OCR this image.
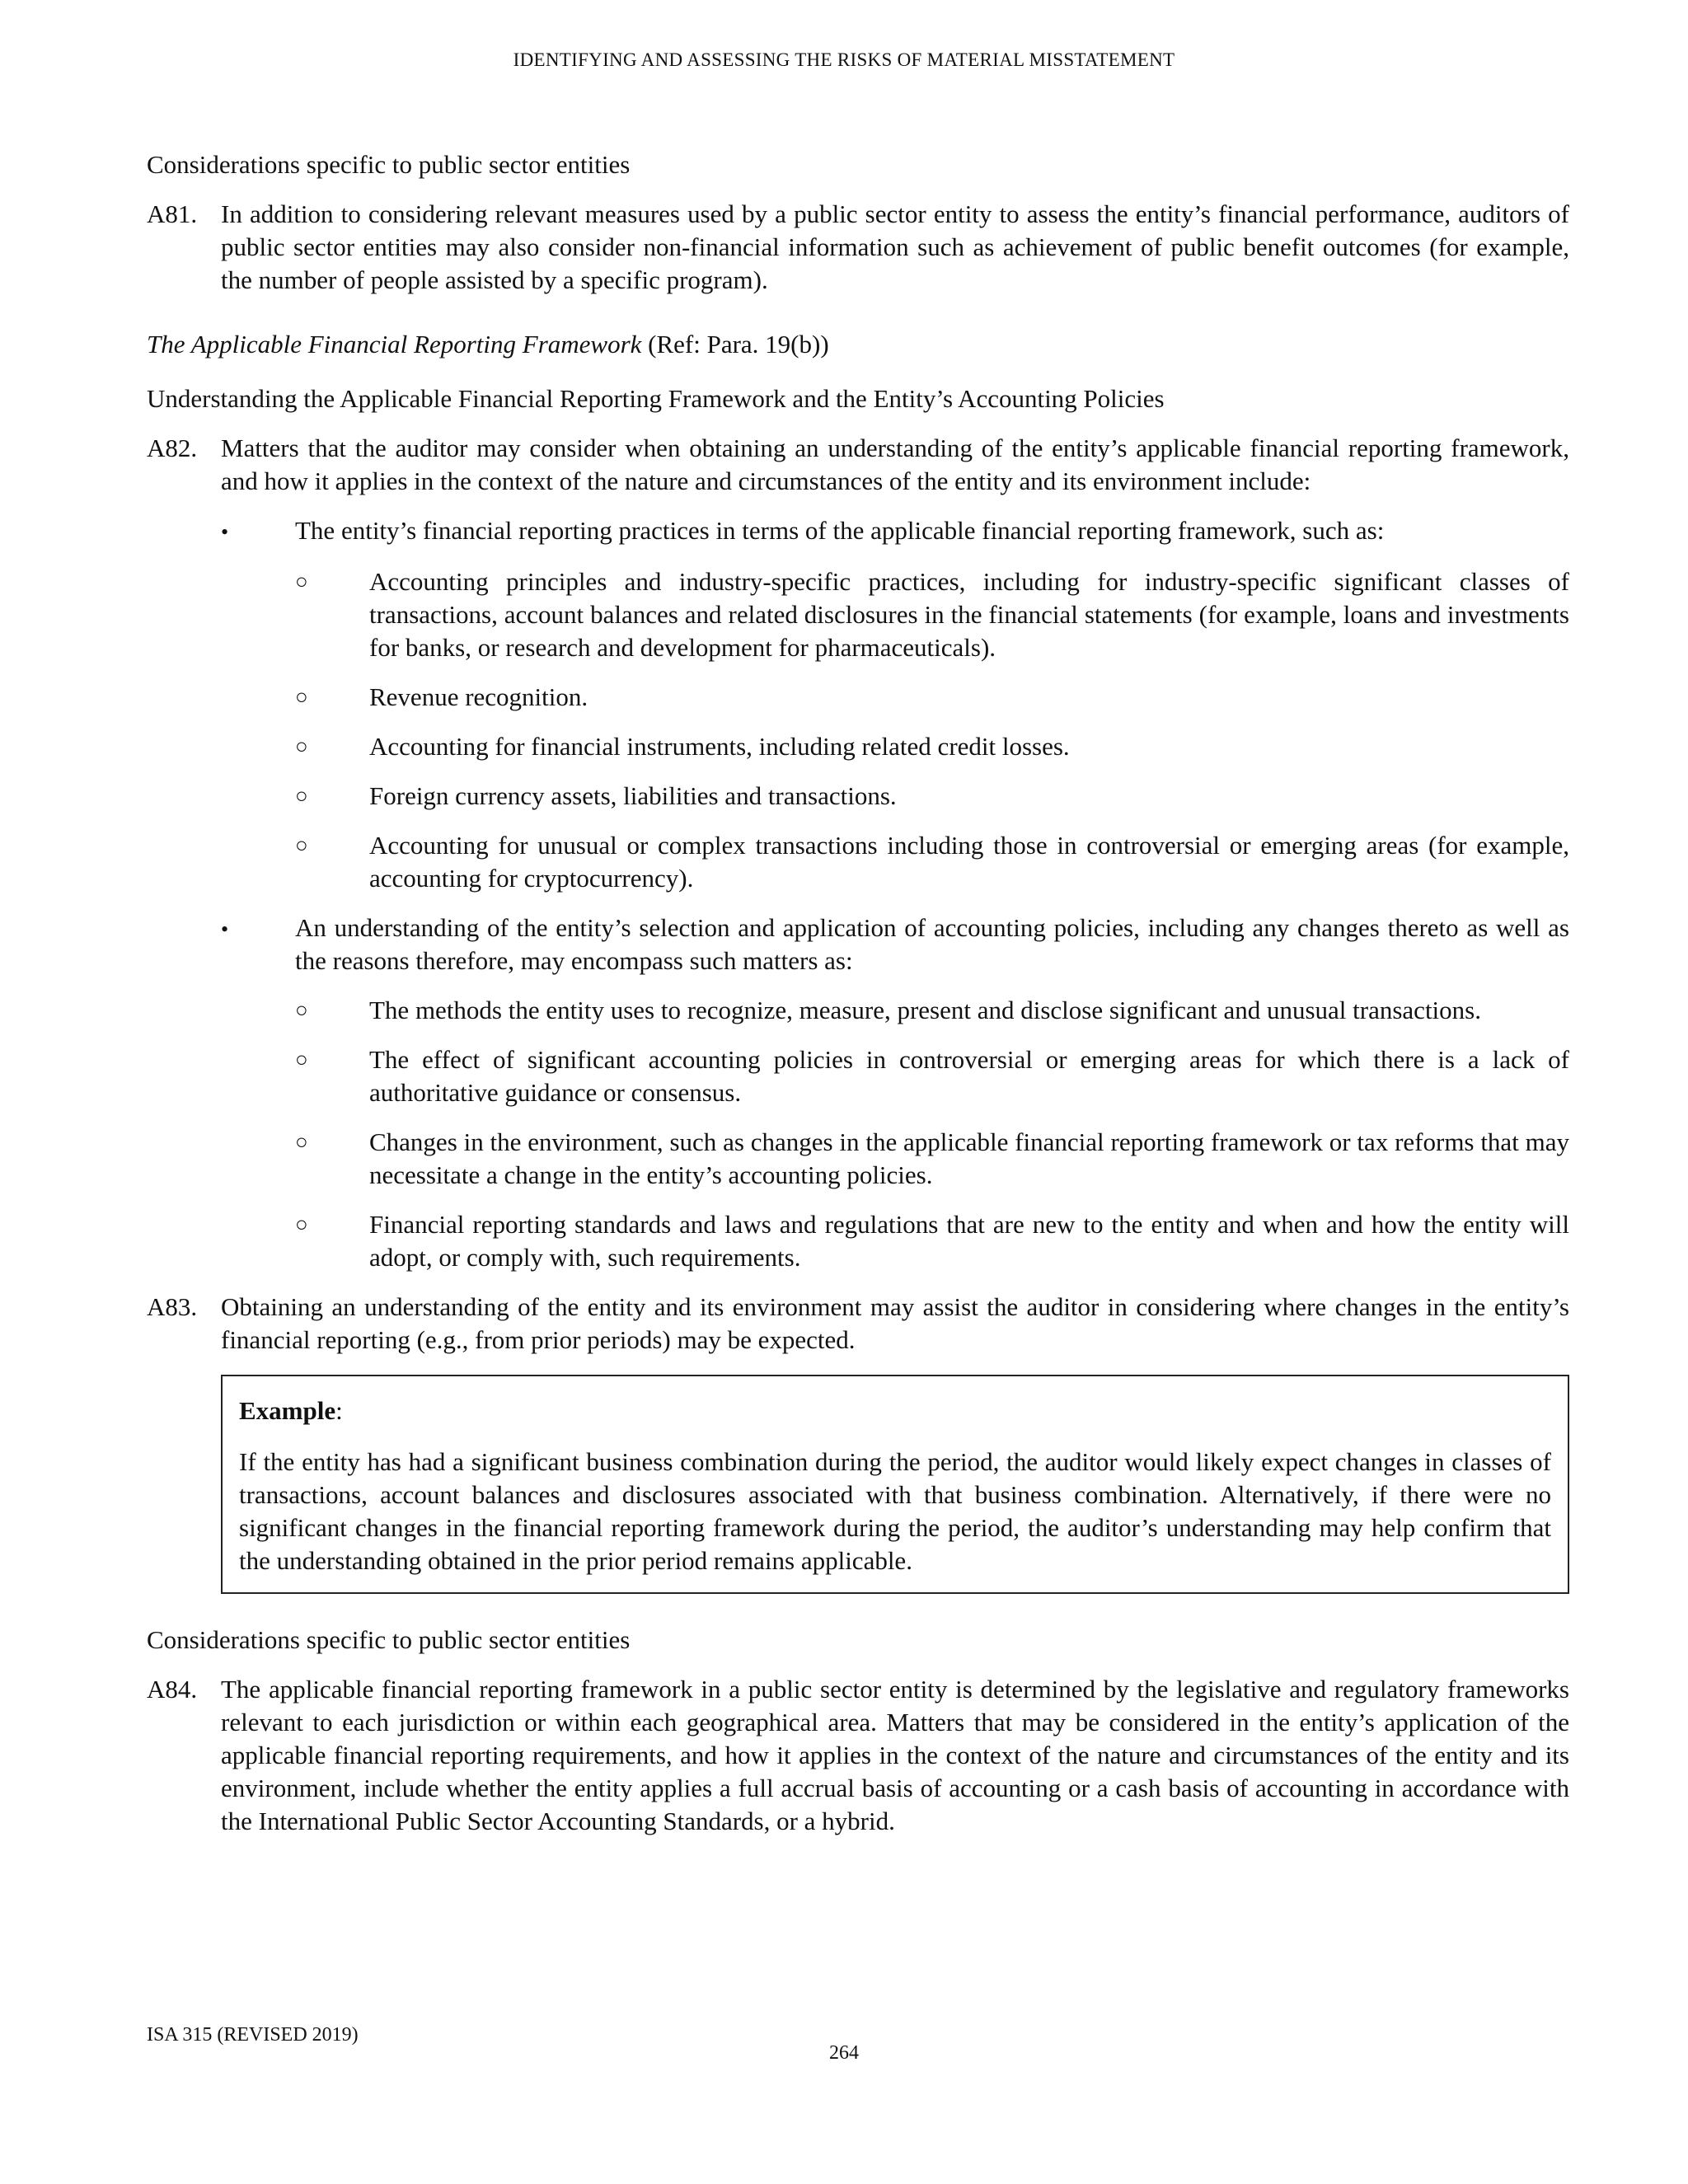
IDENTIFYING AND ASSESSING THE RISKS OF MATERIAL MISSTATEMENT

Considerations specific to public sector entities

A81. In addition to considering relevant measures used by a public sector entity to assess the entity’s financial performance, auditors of public sector entities may also consider non-financial information such as achievement of public benefit outcomes (for example, the number of people assisted by a specific program).

The Applicable Financial Reporting Framework (Ref: Para. 19(b))

Understanding the Applicable Financial Reporting Framework and the Entity’s Accounting Policies

A82. Matters that the auditor may consider when obtaining an understanding of the entity’s applicable financial reporting framework, and how it applies in the context of the nature and circumstances of the entity and its environment include:
•	The entity’s financial reporting practices in terms of the applicable financial reporting framework, such as:
○	Accounting principles and industry-specific practices, including for industry-specific significant classes of transactions, account balances and related disclosures in the financial statements (for example, loans and investments for banks, or research and development for pharmaceuticals).
○	Revenue recognition.
○	Accounting for financial instruments, including related credit losses.
○	Foreign currency assets, liabilities and transactions.
○	Accounting for unusual or complex transactions including those in controversial or emerging areas (for example, accounting for cryptocurrency).
•	An understanding of the entity’s selection and application of accounting policies, including any changes thereto as well as the reasons therefore, may encompass such matters as:
○	The methods the entity uses to recognize, measure, present and disclose significant and unusual transactions.
○	The effect of significant accounting policies in controversial or emerging areas for which there is a lack of authoritative guidance or consensus.
○	Changes in the environment, such as changes in the applicable financial reporting framework or tax reforms that may necessitate a change in the entity’s accounting policies.
○	Financial reporting standards and laws and regulations that are new to the entity and when and how the entity will adopt, or comply with, such requirements.
A83. Obtaining an understanding of the entity and its environment may assist the auditor in considering where changes in the entity’s financial reporting (e.g., from prior periods) may be expected.
Example:
If the entity has had a significant business combination during the period, the auditor would likely expect changes in classes of transactions, account balances and disclosures associated with that business combination. Alternatively, if there were no significant changes in the financial reporting framework during the period, the auditor’s understanding may help confirm that the understanding obtained in the prior period remains applicable.

Considerations specific to public sector entities

A84. The applicable financial reporting framework in a public sector entity is determined by the legislative and regulatory frameworks relevant to each jurisdiction or within each geographical area. Matters that may be considered in the entity’s application of the applicable financial reporting requirements, and how it applies in the context of the nature and circumstances of the entity and its environment, include whether the entity applies a full accrual basis of accounting or a cash basis of accounting in accordance with the International Public Sector Accounting Standards, or a hybrid.
ISA 315 (REVISED 2019)
264
